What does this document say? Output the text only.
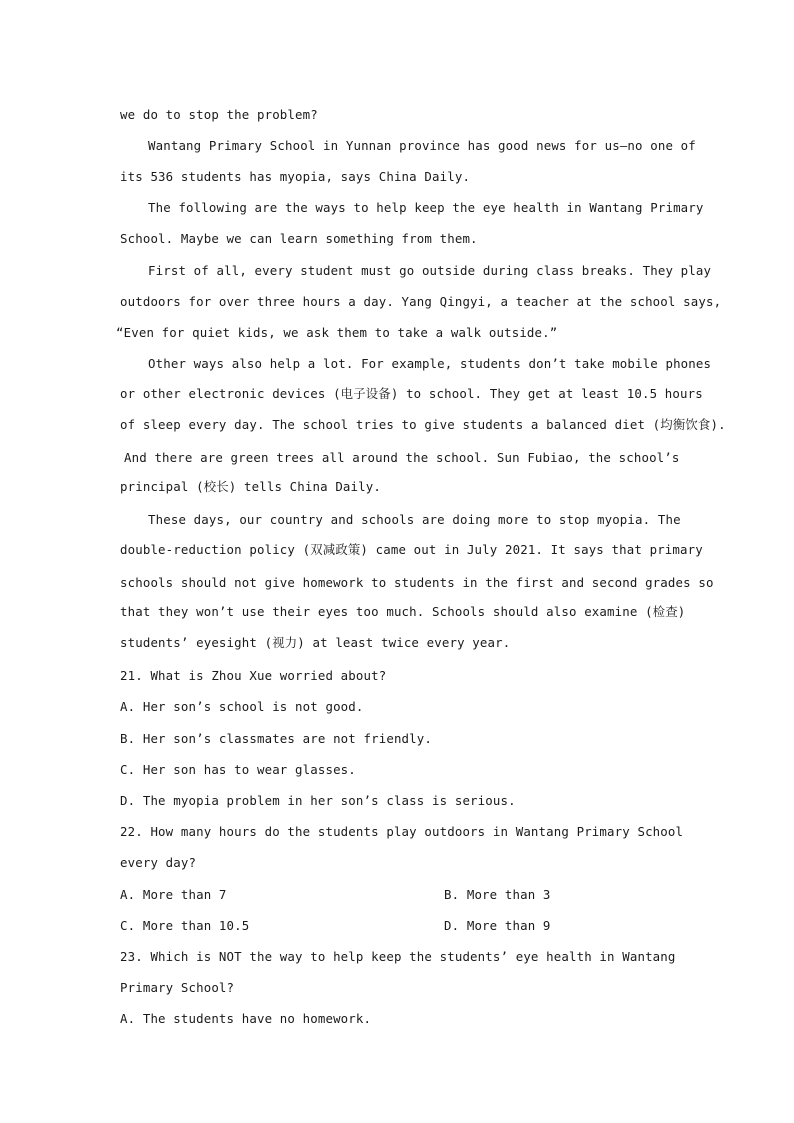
we do to stop the problem?
Wantang Primary School in Yunnan province has good news for us—no one of
its 536 students has myopia, says China Daily.
The following are the ways to help keep the eye health in Wantang Primary
School. Maybe we can learn something from them.
First of all, every student must go outside during class breaks. They play
outdoors for over three hours a day. Yang Qingyi, a teacher at the school says,
“Even for quiet kids, we ask them to take a walk outside.”
Other ways also help a lot. For example, students don’t take mobile phones
or other electronic devices (电子设备) to school. They get at least 10.5 hours
of sleep every day. The school tries to give students a balanced diet (均衡饮食).
And there are green trees all around the school. Sun Fubiao, the school’s
principal (校长) tells China Daily.
These days, our country and schools are doing more to stop myopia. The
double-reduction policy (双减政策) came out in July 2021. It says that primary
schools should not give homework to students in the first and second grades so
that they won’t use their eyes too much. Schools should also examine (检查)
students’ eyesight (视力) at least twice every year.
21. What is Zhou Xue worried about?
A. Her son’s school is not good.
B. Her son’s classmates are not friendly.
C. Her son has to wear glasses.
D. The myopia problem in her son’s class is serious.
22. How many hours do the students play outdoors in Wantang Primary School
every day?
A. More than 7	B. More than 3
C. More than 10.5	D. More than 9
23. Which is NOT the way to help keep the students’ eye health in Wantang
Primary School?
A. The students have no homework.
